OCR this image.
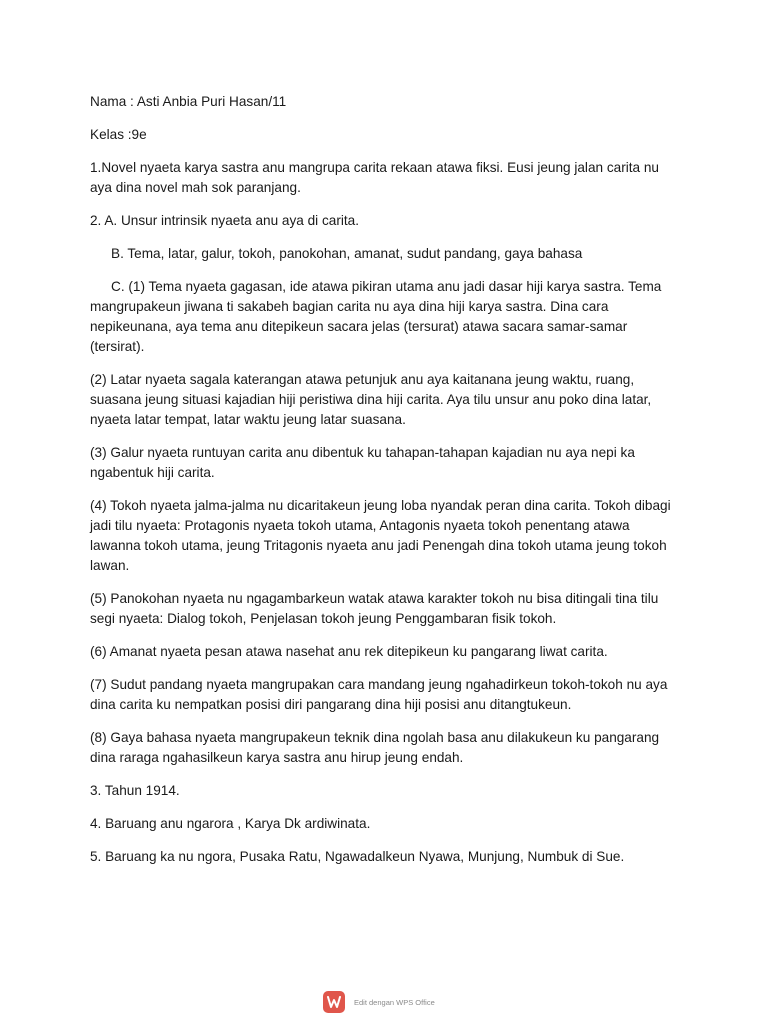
Nama : Asti Anbia Puri Hasan/11

Kelas :9e

1.Novel nyaeta karya sastra anu mangrupa carita rekaan atawa fiksi. Eusi jeung jalan carita nu aya dina novel mah sok paranjang.

2. A. Unsur intrinsik nyaeta anu aya di carita.

B. Tema, latar, galur, tokoh, panokohan, amanat, sudut pandang, gaya bahasa

C. (1) Tema nyaeta gagasan, ide atawa pikiran utama anu jadi dasar hiji karya sastra. Tema mangrupakeun jiwana ti sakabeh bagian carita nu aya dina hiji karya sastra. Dina cara nepikeunana, aya tema anu ditepikeun sacara jelas (tersurat) atawa sacara samar-samar (tersirat).

(2) Latar nyaeta sagala katerangan atawa petunjuk anu aya kaitanana jeung waktu, ruang, suasana jeung situasi kajadian hiji peristiwa dina hiji carita. Aya tilu unsur anu poko dina latar, nyaeta latar tempat, latar waktu jeung latar suasana.

(3) Galur nyaeta runtuyan carita anu dibentuk ku tahapan-tahapan kajadian nu aya nepi ka ngabentuk hiji carita.

(4) Tokoh nyaeta jalma-jalma nu dicaritakeun jeung loba nyandak peran dina carita. Tokoh dibagi jadi tilu nyaeta: Protagonis nyaeta tokoh utama, Antagonis nyaeta tokoh penentang atawa lawanna tokoh utama, jeung Tritagonis nyaeta anu jadi Penengah dina tokoh utama jeung tokoh lawan.

(5) Panokohan nyaeta nu ngagambarkeun watak atawa karakter tokoh nu bisa ditingali tina tilu segi nyaeta: Dialog tokoh, Penjelasan tokoh jeung Penggambaran fisik tokoh.

(6) Amanat nyaeta pesan atawa nasehat anu rek ditepikeun ku pangarang liwat carita.

(7) Sudut pandang nyaeta mangrupakan cara mandang jeung ngahadirkeun tokoh-tokoh nu aya dina carita ku nempatkan posisi diri pangarang dina hiji posisi anu ditangtukeun.

(8) Gaya bahasa nyaeta mangrupakeun teknik dina ngolah basa anu dilakukeun ku pangarang dina raraga ngahasilkeun karya sastra anu hirup jeung endah.

3. Tahun 1914.

4. Baruang anu ngarora , Karya Dk ardiwinata.

5. Baruang ka nu ngora, Pusaka Ratu, Ngawadalkeun Nyawa, Munjung, Numbuk di Sue.

Edit dengan WPS Office
